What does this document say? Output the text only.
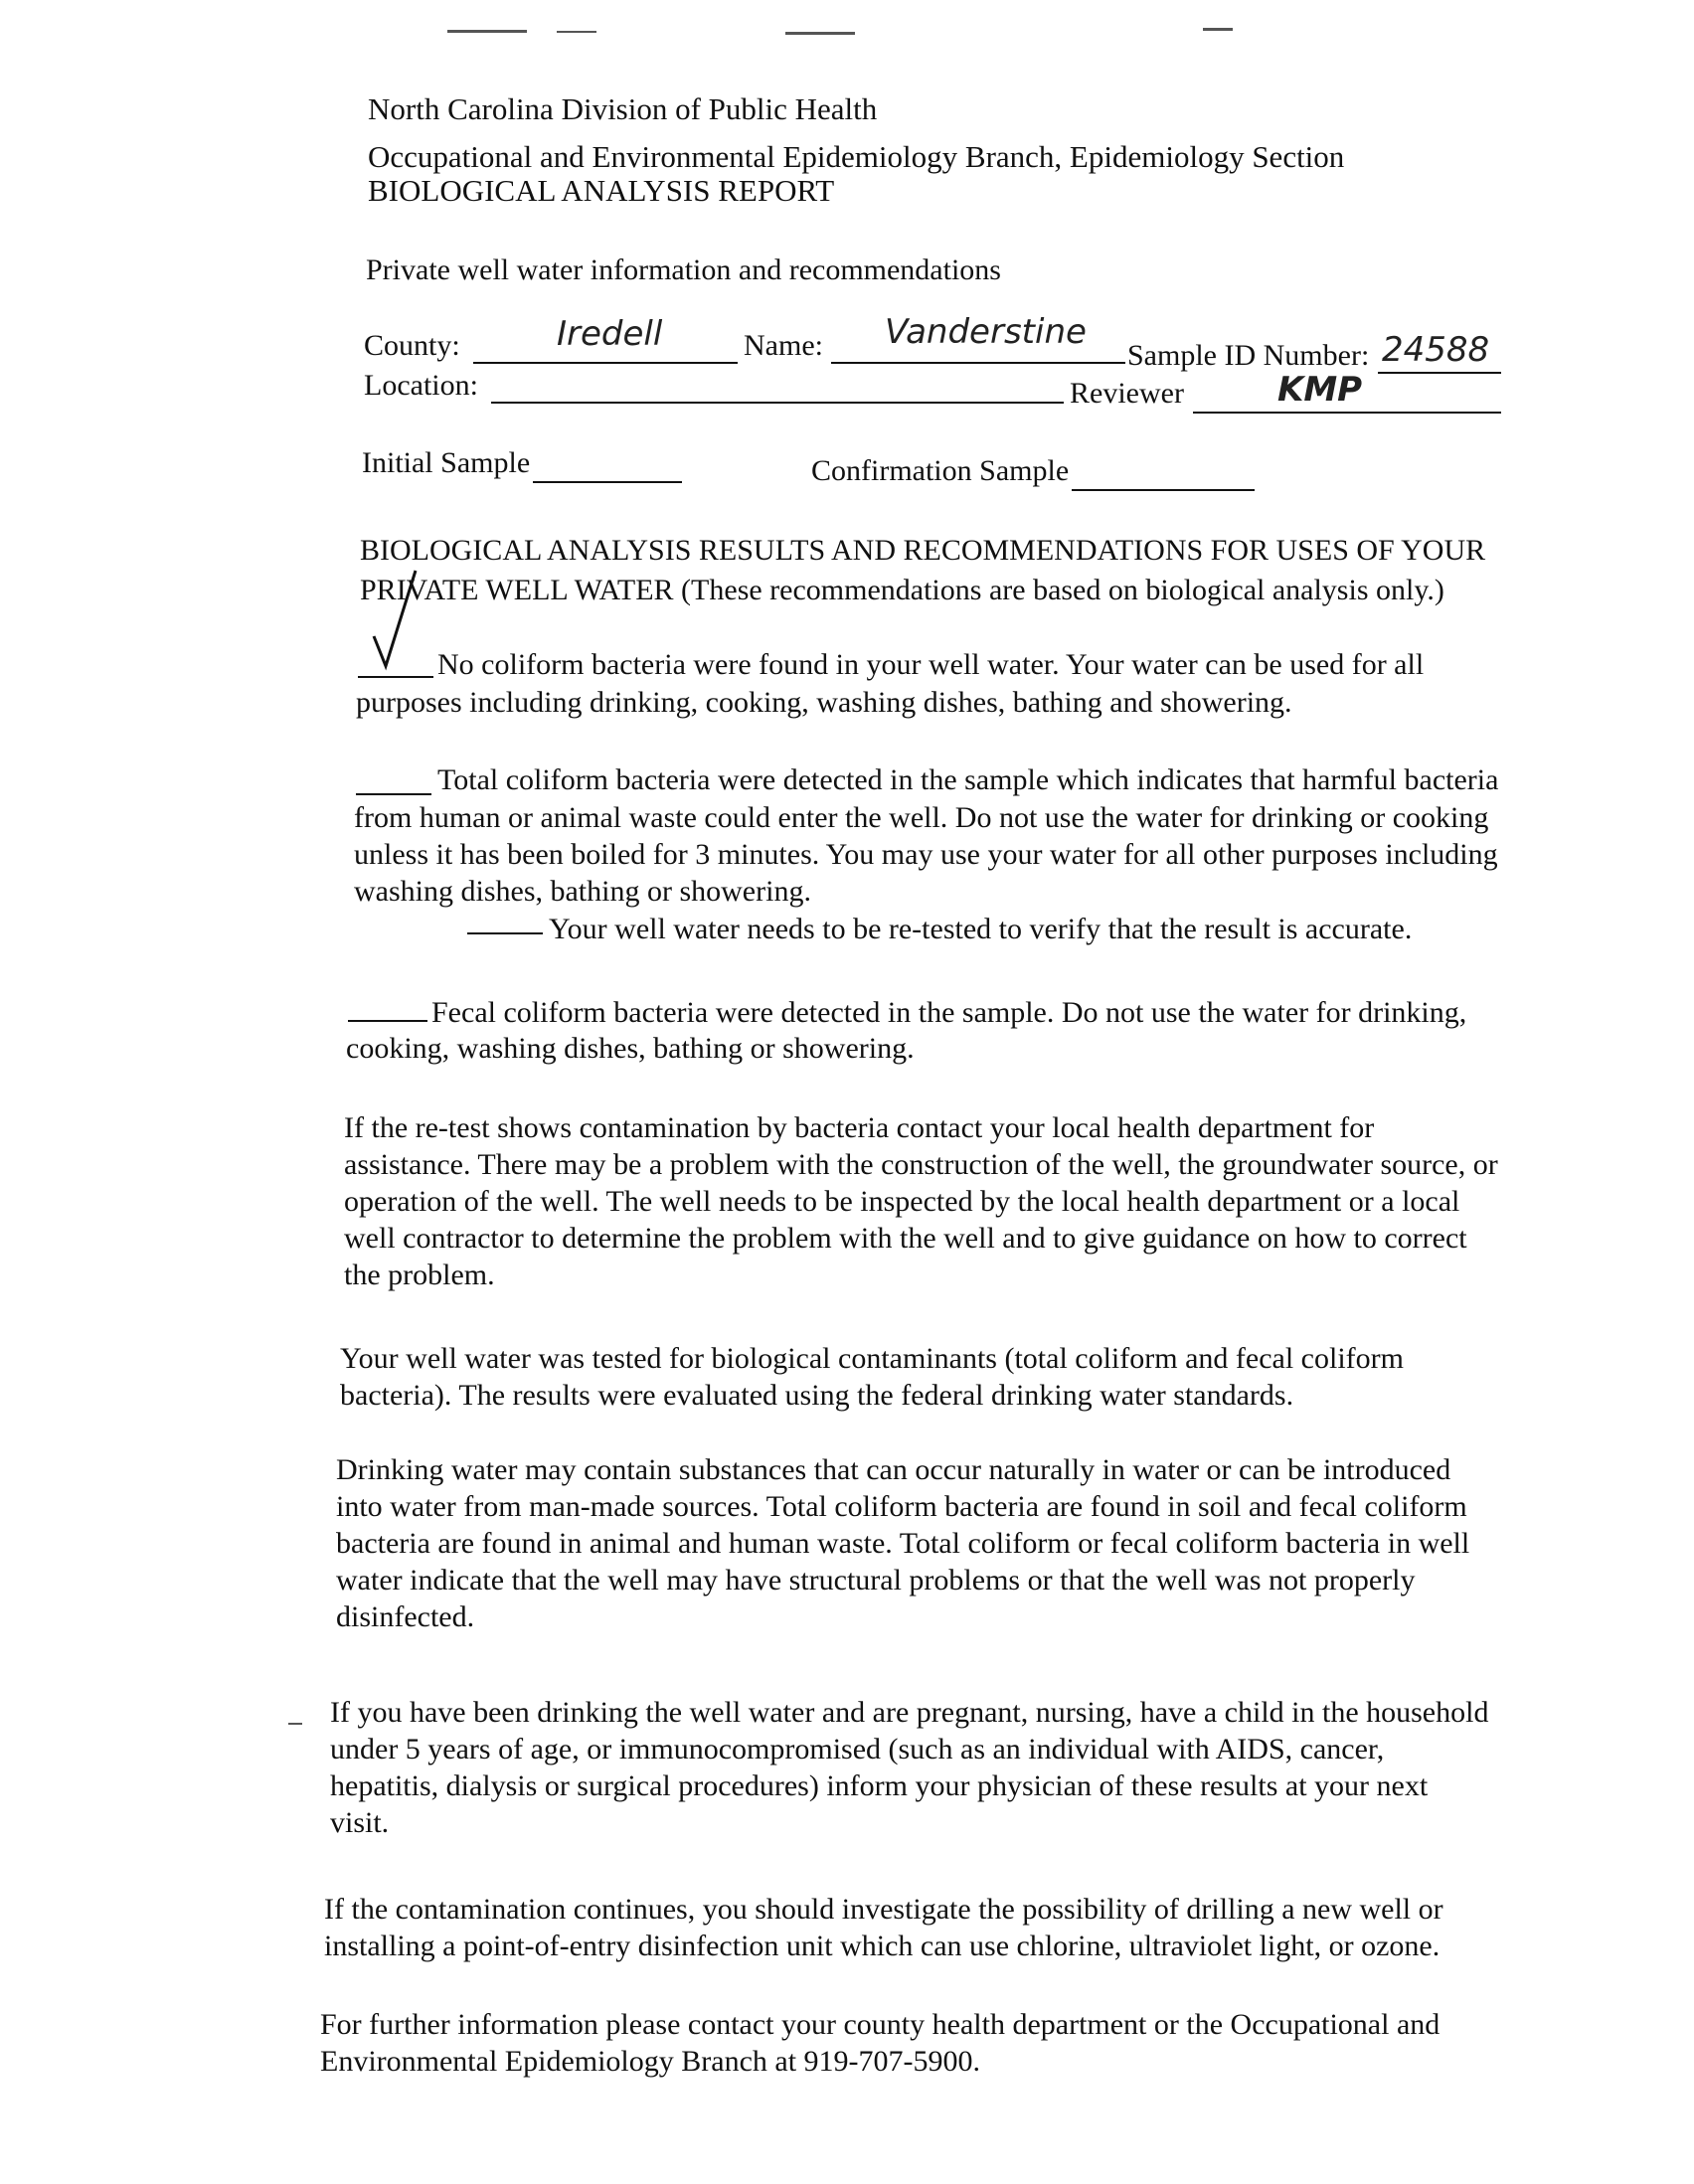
North Carolina Division of Public Health
Occupational and Environmental Epidemiology Branch, Epidemiology Section
BIOLOGICAL ANALYSIS REPORT
Private well water information and recommendations
County:	Iredell	Name: Vanderstine
Sample ID Number: 24588
Location:	Reviewer	KMP
Initial Sample	Confirmation Sample
BIOLOGICAL ANALYSIS RESULTS AND RECOMMENDATIONS FOR USES OF YOUR
PRIVATE WELL WATER (These recommendations are based on biological analysis only.)

No coliform bacteria were found in your well water. Your water can be used for all

purposes including drinking, cooking, washing dishes, bathing and showering.

Total coliform bacteria were detected in the sample which indicates that harmful bacteria

from human or animal waste could enter the well. Do not use the water for drinking or cooking

unless it has been boiled for 3 minutes. You may use your water for all other purposes including

washing dishes, bathing or showering.

Your well water needs to be re-tested to verify that the result is accurate.

Fecal coliform bacteria were detected in the sample. Do not use the water for drinking,

cooking, washing dishes, bathing or showering.

If the re-test shows contamination by bacteria contact your local health department for

assistance. There may be a problem with the construction of the well, the groundwater source, or

operation of the well. The well needs to be inspected by the local health department or a local

well contractor to determine the problem with the well and to give guidance on how to correct

the problem.

Your well water was tested for biological contaminants (total coliform and fecal coliform

bacteria). The results were evaluated using the federal drinking water standards.

Drinking water may contain substances that can occur naturally in water or can be introduced

into water from man-made sources. Total coliform bacteria are found in soil and fecal coliform

bacteria are found in animal and human waste. Total coliform or fecal coliform bacteria in well

water indicate that the well may have structural problems or that the well was not properly

disinfected.

If you have been drinking the well water and are pregnant, nursing, have a child in the household

under 5 years of age, or immunocompromised (such as an individual with AIDS, cancer,

hepatitis, dialysis or surgical procedures) inform your physician of these results at your next

visit.

If the contamination continues, you should investigate the possibility of drilling a new well or

installing a point-of-entry disinfection unit which can use chlorine, ultraviolet light, or ozone.

For further information please contact your county health department or the Occupational and

Environmental Epidemiology Branch at 919-707-5900.
